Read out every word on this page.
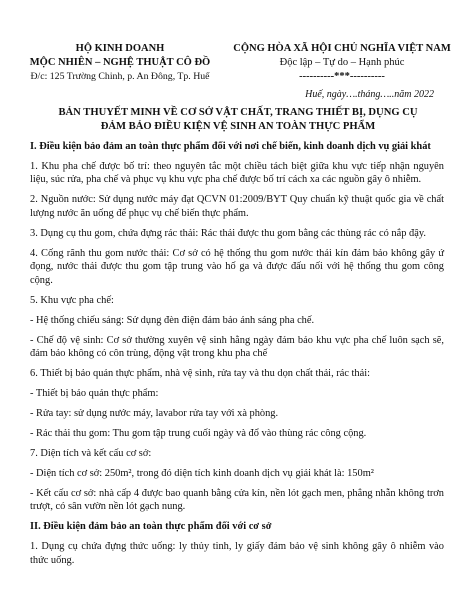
HỘ KINH DOANH
MỘC NHIÊN – NGHỆ THUẬT CÔ ĐỒ
Đ/c: 125 Trường Chinh, p. An Đông, Tp. Huế
CỘNG HÒA XÃ HỘI CHỦ NGHĨA VIỆT NAM
Độc lập – Tự do – Hạnh phúc
----------***----------
Huế, ngày….tháng…..năm 2022
BẢN THUYẾT MINH VỀ CƠ SỞ VẬT CHẤT, TRANG THIẾT BỊ, DỤNG CỤ
ĐẢM BẢO ĐIỀU KIỆN VỆ SINH AN TOÀN THỰC PHẨM

I. Điều kiện bảo đảm an toàn thực phẩm đối với nơi chế biến, kinh doanh dịch vụ giải khát

1. Khu pha chế được bố trí: theo nguyên tắc một chiều tách biệt giữa khu vực tiếp nhận nguyên liệu, súc rửa, pha chế và phục vụ khu vực pha chế được bố trí cách xa các nguồn gây ô nhiễm.

2. Nguồn nước: Sử dụng nước máy đạt QCVN 01:2009/BYT Quy chuẩn kỹ thuật quốc gia về chất lượng nước ăn uống để phục vụ chế biến thực phẩm.

3. Dụng cụ thu gom, chứa đựng rác thải: Rác thải được thu gom bằng các thùng rác có nắp đậy.

4. Cống rãnh thu gom nước thải: Cơ sở có hệ thống thu gom nước thải kín đảm bảo không gây ứ đọng, nước thải được thu gom tập trung vào hố ga và được đấu nối với hệ thống thu gom công cộng.

5. Khu vực pha chế:

- Hệ thống chiếu sáng: Sử dụng đèn điện đảm bảo ánh sáng pha chế.

- Chế độ vệ sinh: Cơ sở thường xuyên vệ sinh hằng ngày đảm bảo khu vực pha chế luôn sạch sẽ, đảm bảo không có côn trùng, động vật trong khu pha chế

6. Thiết bị bảo quản thực phẩm, nhà vệ sinh, rửa tay và thu dọn chất thải, rác thải:

- Thiết bị bảo quản thực phẩm:

- Rửa tay: sử dụng nước máy, lavabor rửa tay với xà phòng.

- Rác thải thu gom: Thu gom tập trung cuối ngày và đổ vào thùng rác công cộng.

7. Diện tích và kết cấu cơ sở:

- Diện tích cơ sở: 250m², trong đó diện tích kinh doanh dịch vụ giải khát là: 150m²

- Kết cấu cơ sở: nhà cấp 4 được bao quanh bằng cửa kín, nền lót gạch men, phẳng nhẵn không trơn trượt, có sân vườn nền lót gạch nung.

II. Điều kiện đảm bảo an toàn thực phẩm đối với cơ sở

1. Dụng cụ chứa đựng thức uống: ly thủy tinh, ly giấy đảm bảo vệ sinh không gây ô nhiễm vào thức uống.
